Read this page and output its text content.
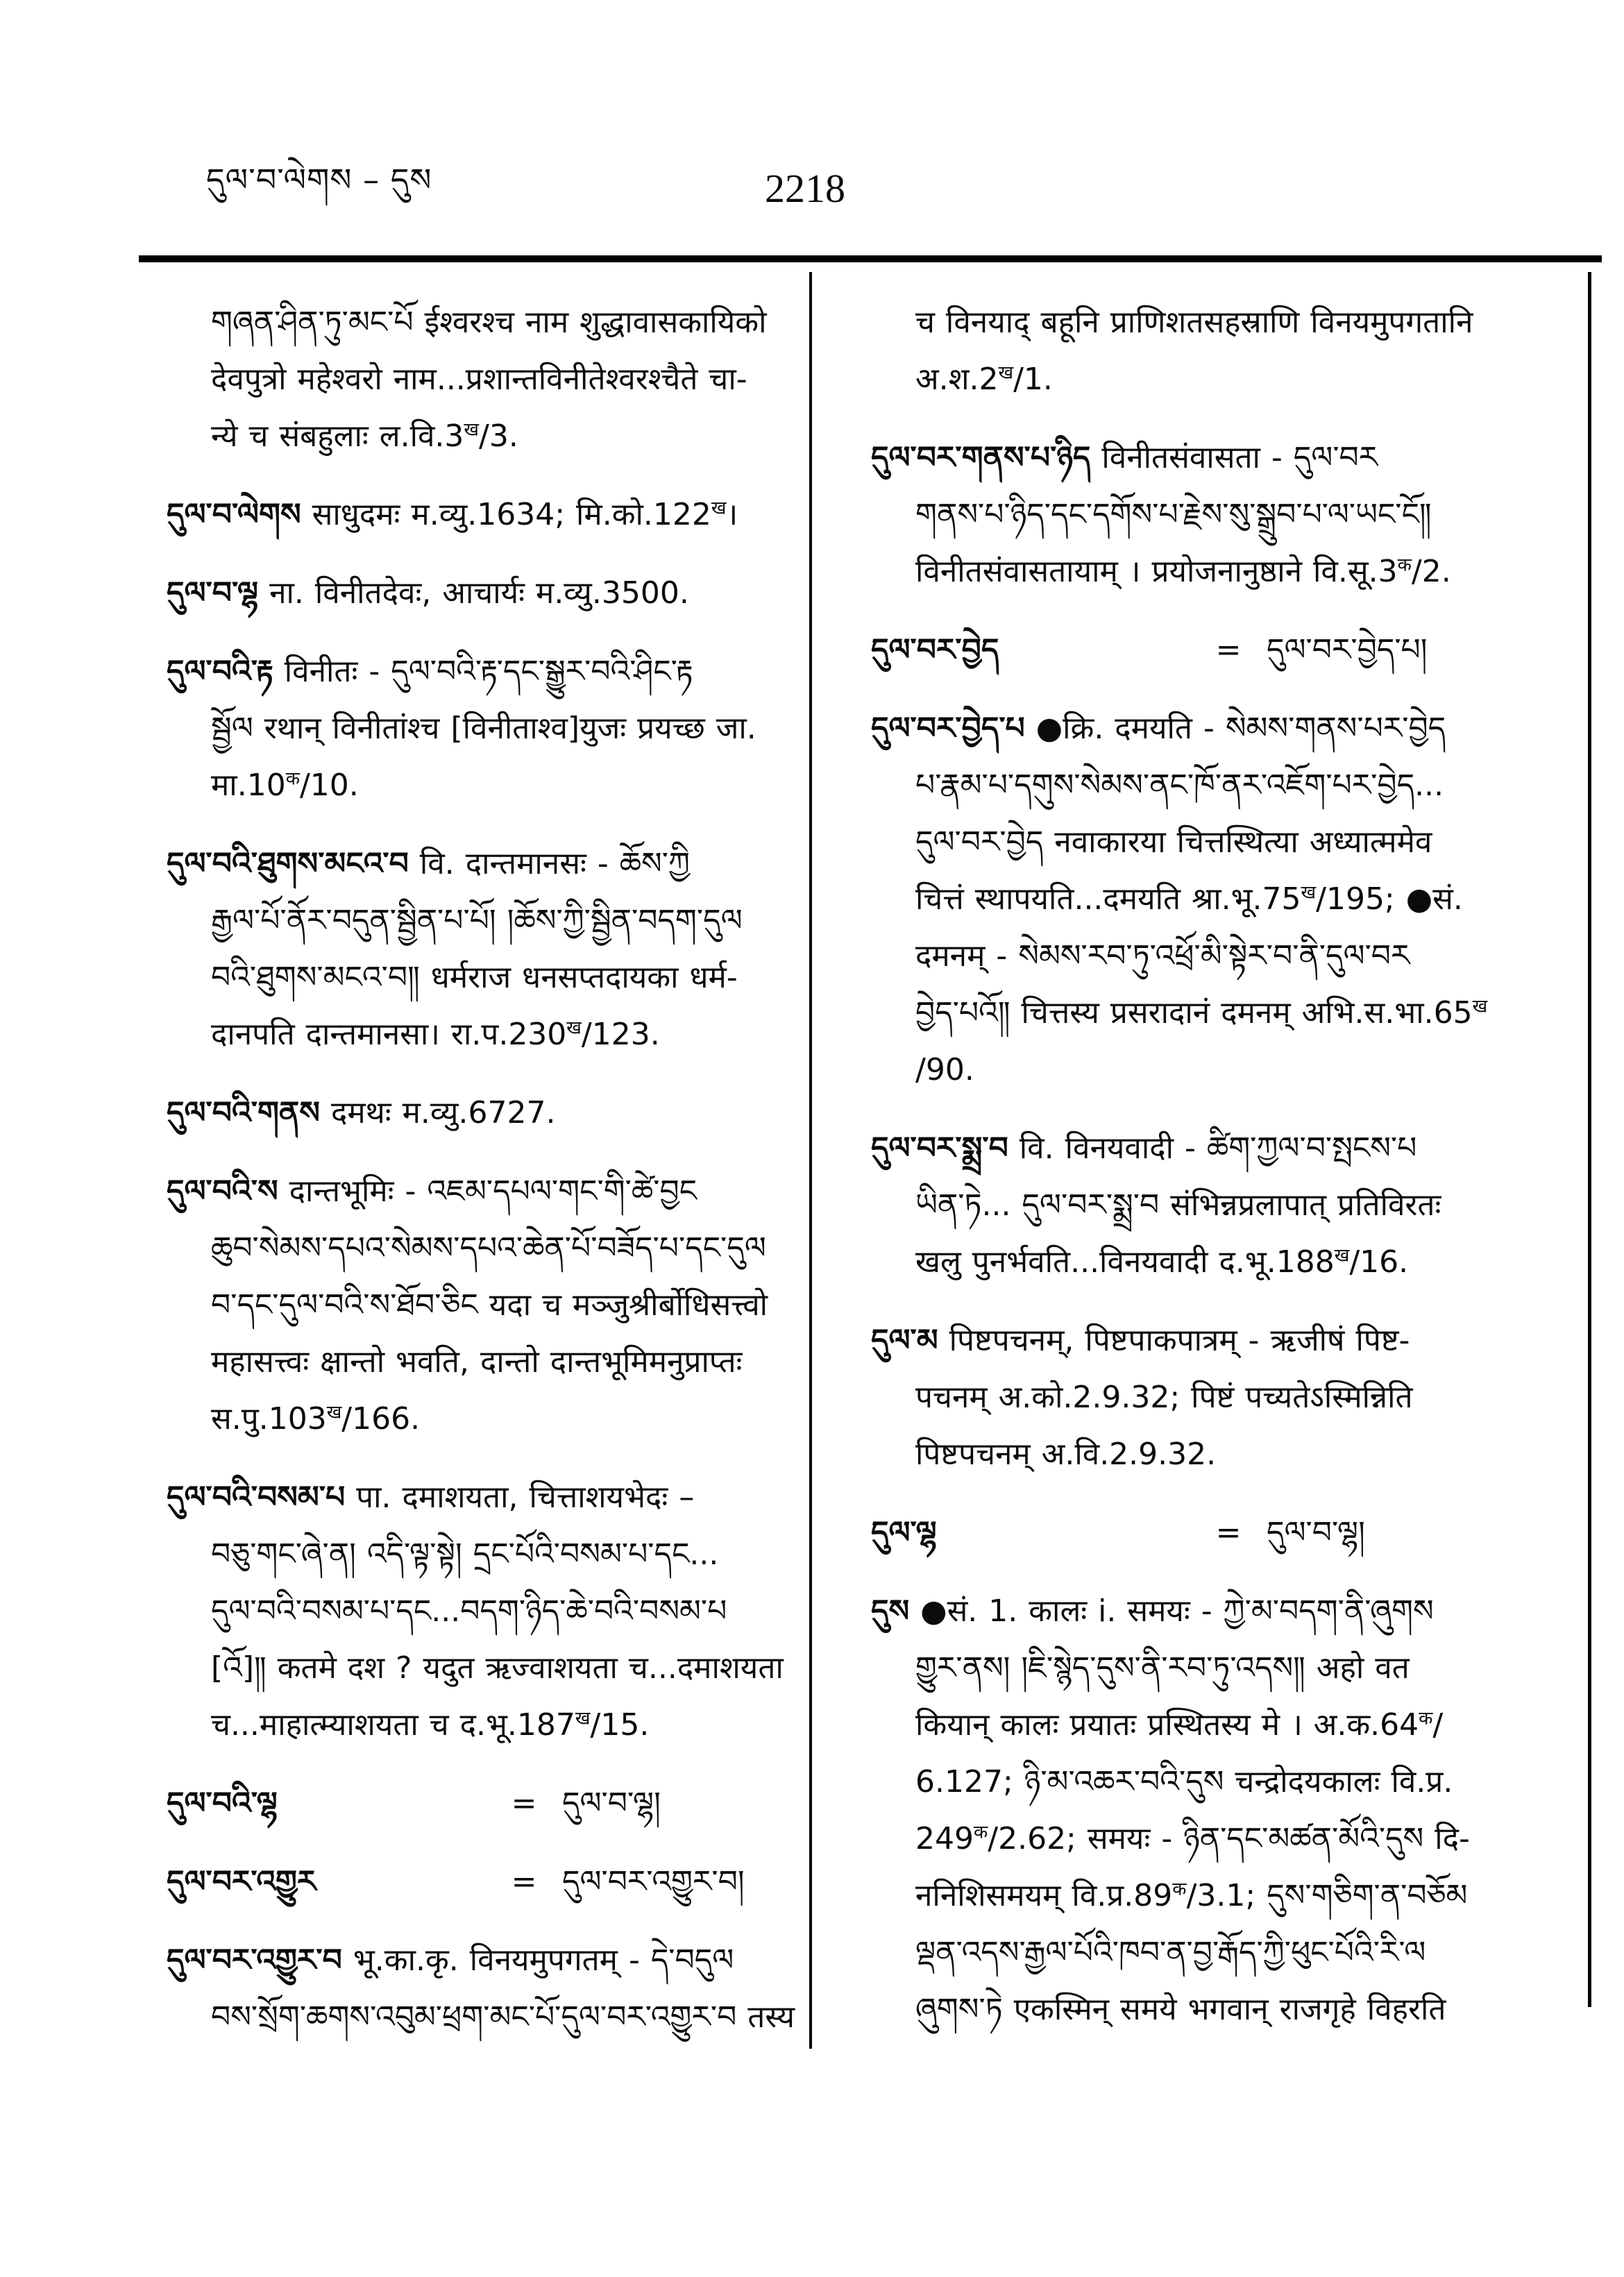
དུལ་བ་ལེགས – དུས	2218

གཞན་ཤིན་ཏུ་མང་པོ ईश्वरश्च नाम शुद्धावासकायिको
देवपुत्रो महेश्वरो नाम...प्रशान्तविनीतेश्वरश्चैते चा-
न्ये च संबहुलाः $ल.वि.3^ख/3$.

དུལ་བ་ལེགས साधुदमः म.व्यु.1634; $मि.को.122^ख।$

དུལ་བ་ལྷ ना. विनीतदेवः, आचार्यः म.व्यु.3500.

དུལ་བའི་རྟ विनीतः - དུལ་བའི་རྟ་དང་སྒྱུར་བའི་ཤིང་རྟ
སྦྱོལ रथान् विनीतांश्च [विनीताश्व]युजः प्रयच्छ जा.
$मा.10^क/10$.

དུལ་བའི་ཐུགས་མངའ་བ वि. दान्तमानसः - ཆོས་ཀྱི
རྒྱལ་པོ་ནོར་བདུན་སྦྱིན་པ་པོ། །ཆོས་ཀྱི་སྦྱིན་བདག་དུལ
བའི་ཐུགས་མངའ་བ༎ धर्मराज धनसप्तदायका धर्म-
दानपति दान्तमानसा। $रा.प.230^ख/123$.

དུལ་བའི་གནས दमथः म.व्यु.6727.

དུལ་བའི་ས दान्तभूमिः - འཇམ་དཔལ་གང་གི་ཚེ་བྱང
ཆུབ་སེམས་དཔའ་སེམས་དཔའ་ཆེན་པོ་བཟོད་པ་དང་དུལ
བ་དང་དུལ་བའི་ས་ཐོབ་ཅིང यदा च मञ्जुश्रीर्बोधिसत्त्वो
महासत्त्वः क्षान्तो भवति, दान्तो दान्तभूमिमनुप्राप्तः
$स.पु.103^ख/166$.

དུལ་བའི་བསམ་པ पा. दमाशयता, चित्ताशयभेदः –
བཅུ་གང་ཞེ་ན། འདི་ལྟ་སྟེ། དྲང་པོའི་བསམ་པ་དང...
དུལ་བའི་བསམ་པ་དང...བདག་ཉིད་ཆེ་བའི་བསམ་པ
[འོ]༎ कतमे दश ? यदुत ऋज्वाशयता च...दमाशयता
च...माहात्म्याशयता च $द.भू.187^ख/15$.

དུལ་བའི་ལྷ	= དུལ་བ་ལྷ།
དུལ་བར་འགྱུར	= དུལ་བར་འགྱུར་བ།

དུལ་བར་འགྱུར་བ भू.का.कृ. विनयमुपगतम् - དེ་བདུལ
བས་སྲོག་ཆགས་འབུམ་ཕྲག་མང་པོ་དུལ་བར་འགྱུར་བ तस्य

च विनयाद् बहूनि प्राणिशतसहस्राणि विनयमुपगतानि
$अ.श.2^ख/1$.

དུལ་བར་གནས་པ་ཉིད विनीतसंवासता - དུལ་བར
གནས་པ་ཉིད་དང་དགོས་པ་རྗེས་སུ་སྒྲུབ་པ་ལ་ཡང་ངོ༎
विनीतसंवासतायाम् । प्रयोजनानुष्ठाने $वि.सू.3^क/2$.

དུལ་བར་བྱེད	= དུལ་བར་བྱེད་པ།

དུལ་བར་བྱེད་པ ●क्रि. दमयति - སེམས་གནས་པར་བྱེད
པ་རྣམ་པ་དགུས་སེམས་ནང་ཁོ་ནར་འཇོག་པར་བྱེད...
དུལ་བར་བྱེད नवाकारया चित्तस्थित्या अध्यात्ममेव
चित्तं स्थापयति...दमयति $श्रा.भू.75^ख/195$; ●सं.
दमनम् - སེམས་རབ་ཏུ་འཕྲོ་མི་སྟེར་བ་ནི་དུལ་བར
བྱེད་པའོ༎ चित्तस्य प्रसरादानं दमनम् $अभि.स.भा.65^ख$
/90.

དུལ་བར་སྨྲ་བ वि. विनयवादी - ཚིག་ཀྱལ་བ་སྤངས་པ
ཡིན་ཏེ... དུལ་བར་སྨྲ་བ संभिन्नप्रलापात् प्रतिविरतः
खलु पुनर्भवति...विनयवादी $द.भू.188^ख/16$.

དུལ་མ पिष्टपचनम्, पिष्टपाकपात्रम् - ऋजीषं पिष्ट-
पचनम् अ.को.2.9.32; पिष्टं पच्यतेऽस्मिन्निति
पिष्टपचनम् अ.वि.2.9.32.

དུལ་ལྷ	= དུལ་བ་ལྷ།

དུས ●सं. 1. कालः i. समयः - ཀྱེ་མ་བདག་ནི་ཞུགས
གྱུར་ནས། །ཇི་སྙེད་དུས་ནི་རབ་ཏུ་འདས༎ अहो वत
कियान् कालः प्रयातः प्रस्थितस्य मे । $अ.क.64^क/$
6.127; ཉི་མ་འཆར་བའི་དུས चन्द्रोदयकालः वि.प्र.
$249^क/2.62$; समयः - ཉིན་དང་མཚན་མོའི་དུས दि-
ननिशिसमयम् $वि.प्र.89^क/3.1$; དུས་གཅིག་ན་བཅོམ
ལྡན་འདས་རྒྱལ་པོའི་ཁབ་ན་བྱ་རྒོད་ཀྱི་ཕུང་པོའི་རི་ལ
ཞུགས་ཏེ एकस्मिन् समये भगवान् राजगृहे विहरति
